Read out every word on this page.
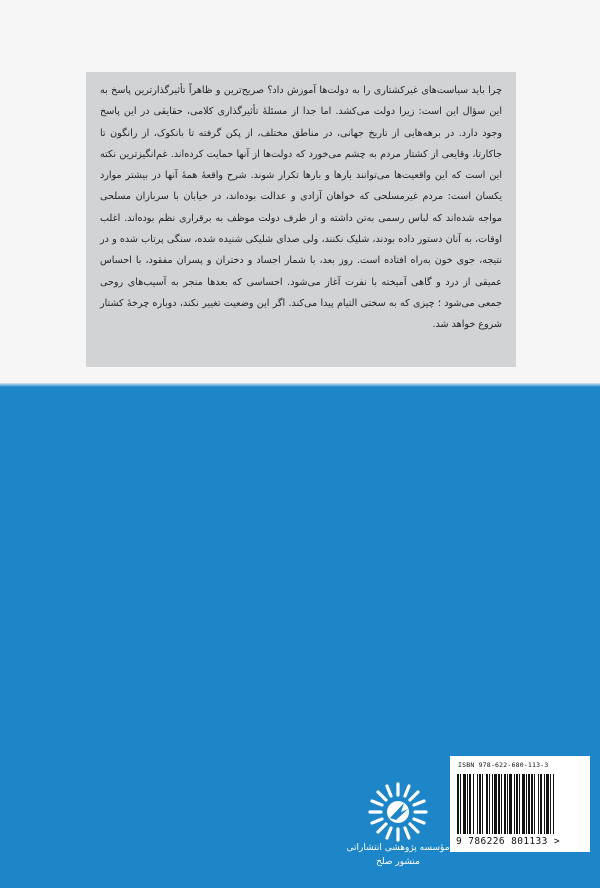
چرا باید سیاست‌های غیرکشتاری را به دولت‌ها آموزش داد؟ صریح‌ترین و ظاهراً تأثیرگذارترین پاسخ به این سؤال این است: زیرا دولت می‌کشد. اما جدا از مسئلهٔ تأثیرگذاری کلامی، حقایقی در این پاسخ وجود دارد. در برهه‌هایی از تاریخ جهانی، در مناطق مختلف، از پکن گرفته تا بانکوک، از رانگون تا جاکارتا، وقایعی از کشتار مردم به چشم می‌خورد که دولت‌ها از آنها حمایت کرده‌اند. غم‌انگیزترین نکته این است که این واقعیت‌ها می‌توانند بارها و بارها تکرار شوند. شرح واقعهٔ همهٔ آنها در بیشتر موارد یکسان است: مردم غیرمسلحی که خواهان آزادی و عدالت بوده‌اند، در خیابان با سربازان مسلحی مواجه شده‌اند که لباس رسمی به‌تن داشته و از طرف دولت موظف به برقراری نظم بوده‌اند. اغلب اوقات، به آنان دستور داده بودند، شلیک نکنند، ولی صدای شلیکی شنیده شده، سنگی پرتاب شده و در نتیجه، جوی خون به‌راه افتاده است. روز بعد، با شمار اجساد و دختران و پسران مفقود، با احساس عمیقی از درد و گاهی آمیخته با نفرت آغاز می‌شود. احساسی که بعدها منجر به آسیب‌های روحی جمعی می‌شود ؛ چیزی که به سختی التیام پیدا می‌کند. اگر این وضعیت تغییر نکند، دوباره چرخهٔ کشتار شروع خواهد شد.

مؤسسه پژوهشی انتشاراتی
منشور صلح
ISBN 978-622-680-113-3
9 786226 801133 >
